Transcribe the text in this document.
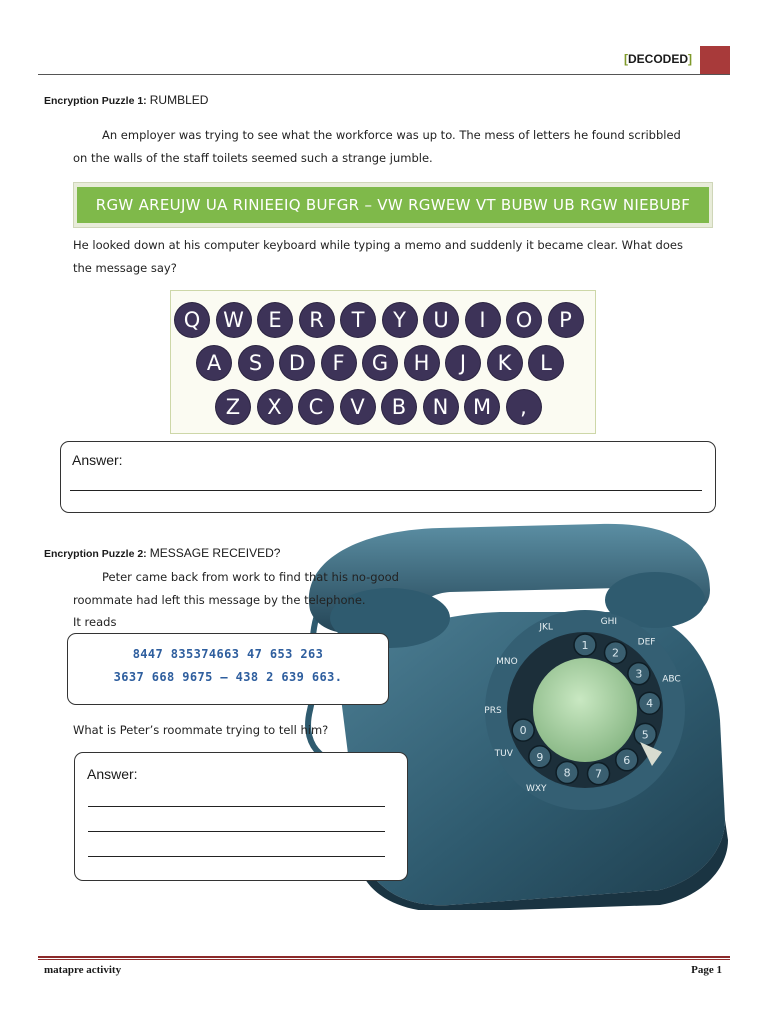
[DECODED]
Encryption Puzzle 1: RUMBLED
An employer was trying to see what the workforce was up to. The mess of letters he found scribbled
on the walls of the staff toilets seemed such a strange jumble.
RGW AREUJW UA RINIEEIQ BUFGR – VW RGWEW VT BUBW UB RGW NIEBUBF
He looked down at his computer keyboard while typing a memo and suddenly it became clear. What does
the message say?
Q W E R T Y U I O P
A S D F G H J K L
Z X C V B N M ,
Answer:
Encryption Puzzle 2: MESSAGE RECEIVED?
1
2
3
4
5
6
7
8
9
0
GHI
DEF
ABC
JKL
MNO
PRS
TUV
WXY
Peter came back from work to find that his no-good
roommate had left this message by the telephone.
It reads
8447 835374663 47 653 263
3637 668 9675 – 438 2 639 663.
What is Peter’s roommate trying to tell him?
Answer:
matapre activity	Page 1
